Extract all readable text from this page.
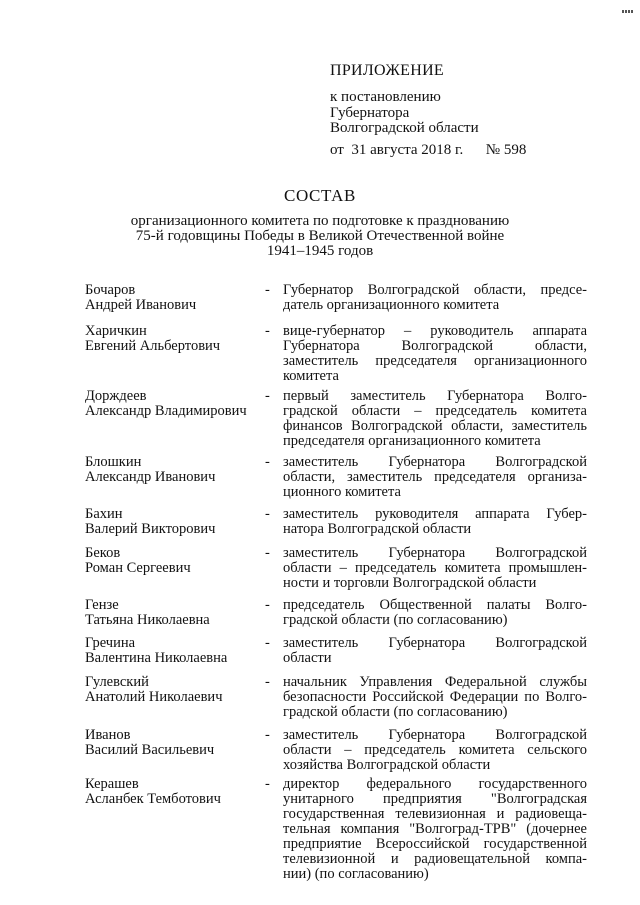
ПРИЛОЖЕНИЕ
к постановлению
Губернатора
Волгоградской области
от  31 августа 2018 г.      № 598
СОСТАВ
организационного комитета по подготовке к празднованию
75-й годовщины Победы в Великой Отечественной войне
1941–1945 годов
Бочаров
Андрей Иванович
- Губернатор Волгоградской области, предсе-
датель организационного комитета
Харичкин
Евгений Альбертович
- вице-губернатор – руководитель аппарата
Губернатора Волгоградской области,
заместитель председателя организационного
комитета
Дорждеев
Александр Владимирович
- первый заместитель Губернатора Волго-
градской области – председатель комитета
финансов Волгоградской области, заместитель
председателя организационного комитета
Блошкин
Александр Иванович
- заместитель Губернатора Волгоградской
области, заместитель председателя организа-
ционного комитета
Бахин
Валерий Викторович
- заместитель руководителя аппарата Губер-
натора Волгоградской области
Беков
Роман Сергеевич
- заместитель Губернатора Волгоградской
области – председатель комитета промышлен-
ности и торговли Волгоградской области
Гензе
Татьяна Николаевна
- председатель Общественной палаты Волго-
градской области (по согласованию)
Гречина
Валентина Николаевна
- заместитель Губернатора Волгоградской
области
Гулевский
Анатолий Николаевич
- начальник Управления Федеральной службы
безопасности Российской Федерации по Волго-
градской области (по согласованию)
Иванов
Василий Васильевич
- заместитель Губернатора Волгоградской
области – председатель комитета сельского
хозяйства Волгоградской области
Керашев
Асланбек Темботович
- директор федерального государственного
унитарного предприятия "Волгоградская
государственная телевизионная и радиовеща-
тельная компания "Волгоград-ТРВ" (дочернее
предприятие Всероссийской государственной
телевизионной и радиовещательной компа-
нии) (по согласованию)
